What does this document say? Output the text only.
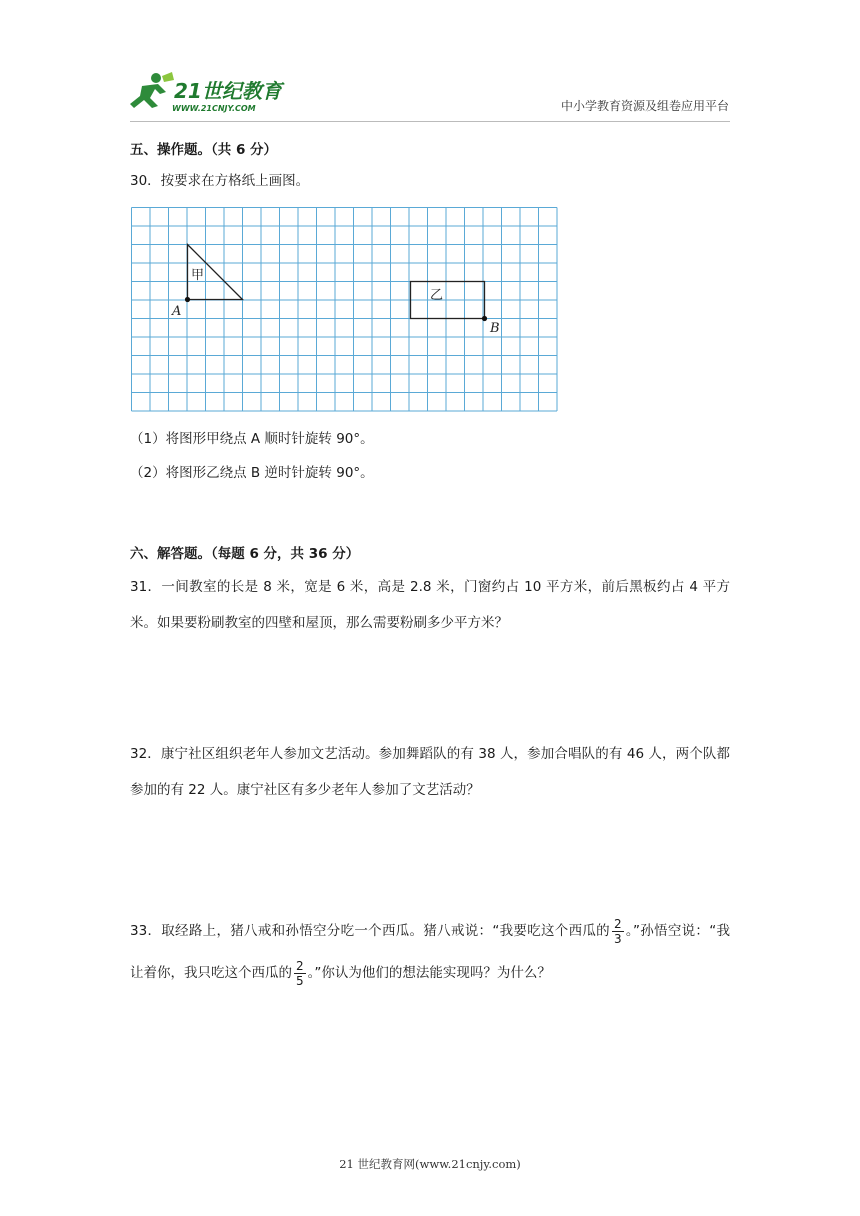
21世纪教育
WWW.21CNJY.COM	中小学教育资源及组卷应用平台
五、操作题。（共 6 分）
30．按要求在方格纸上画图。
甲
A
乙
B
（1）将图形甲绕点 A 顺时针旋转 90°。
（2）将图形乙绕点 B 逆时针旋转 90°。
六、解答题。（每题 6 分，共 36 分）
31．一间教室的长是 8 米，宽是 6 米，高是 2.8 米，门窗约占 10 平方米，前后黑板约占 4 平方米。如果要粉刷教室的四壁和屋顶，那么需要粉刷多少平方米？
32．康宁社区组织老年人参加文艺活动。参加舞蹈队的有 38 人，参加合唱队的有 46 人，两个队都参加的有 22 人。康宁社区有多少老年人参加了文艺活动？
33．取经路上，猪八戒和孙悟空分吃一个西瓜。猪八戒说：“我要吃这个西瓜的 $\frac{2}{3}$ 。”孙悟空说：“我让着你，我只吃这个西瓜的 $\frac{2}{5}$ 。”你认为他们的想法能实现吗？为什么？
21 世纪教育网(www.21cnjy.com)
